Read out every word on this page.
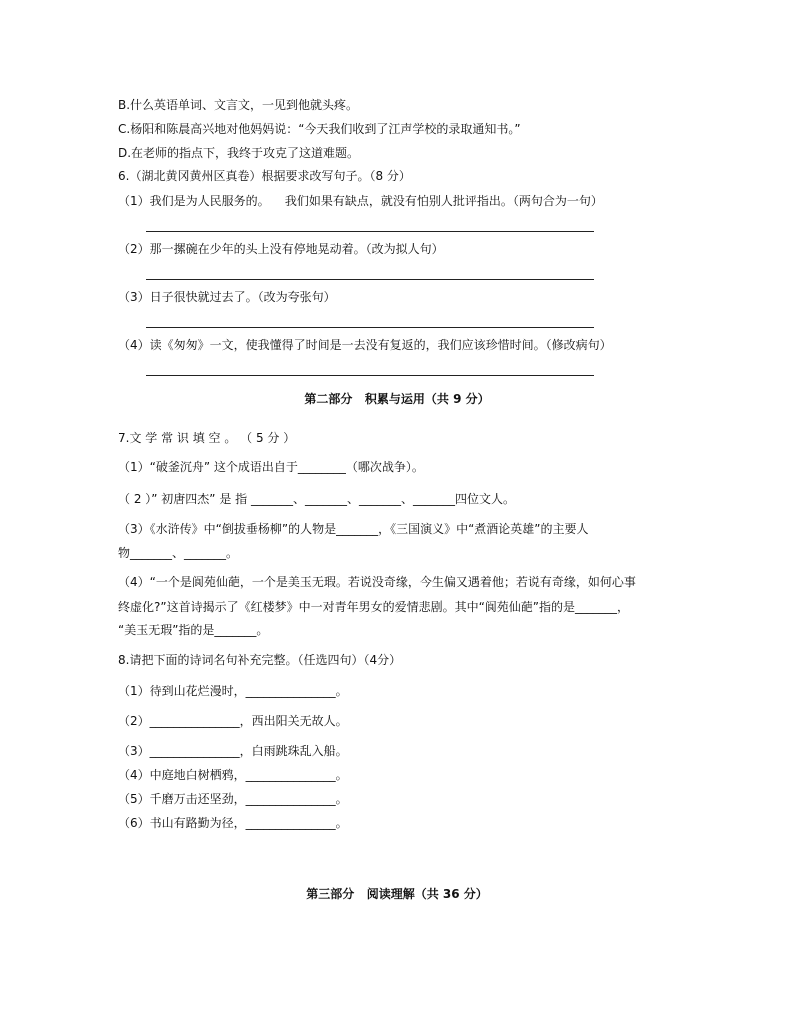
B.什么英语单词、文言文，一见到他就头疼。
C.杨阳和陈晨高兴地对他妈妈说：“今天我们收到了江声学校的录取通知书。”
D.在老师的指点下，我终于攻克了这道难题。
6.（湖北黄冈黄州区真卷）根据要求改写句子。（8 分）
（1）我们是为人民服务的。    我们如果有缺点，就没有怕别人批评指出。（两句合为一句）
（2）那一摞碗在少年的头上没有停地晃动着。（改为拟人句）
（3）日子很快就过去了。（改为夸张句）
（4）读《匆匆》一文，使我懂得了时间是一去没有复返的，我们应该珍惜时间。（修改病句）
第二部分   积累与运用（共 9 分）
7.文 学 常 识 填 空 。 （ 5 分 ）
（1）“破釜沉舟” 这个成语出自于________（哪次战争）。
（ 2 ）” 初唐四杰” 是 指 _______、_______、_______、_______四位文人。
（3）《水浒传》中“倒拔垂杨柳”的人物是_______，《三国演义》中“煮酒论英雄”的主要人
物_______、_______。
（4）“一个是阆苑仙葩，一个是美玉无瑕。若说没奇缘，今生偏又遇着他；若说有奇缘，如何心事
终虚化?”这首诗揭示了《红楼梦》中一对青年男女的爱情悲剧。其中“阆苑仙葩”指的是_______，
“美玉无瑕”指的是_______。
8.请把下面的诗词名句补充完整。（任选四句）（4分）
（1）待到山花烂漫时，_______________。
（2）_______________，西出阳关无故人。
（3）_______________，白雨跳珠乱入船。
（4）中庭地白树栖鸦，_______________。
（5）千磨万击还坚劲，_______________。
（6）书山有路勤为径，_______________。
第三部分   阅读理解（共 36 分）
